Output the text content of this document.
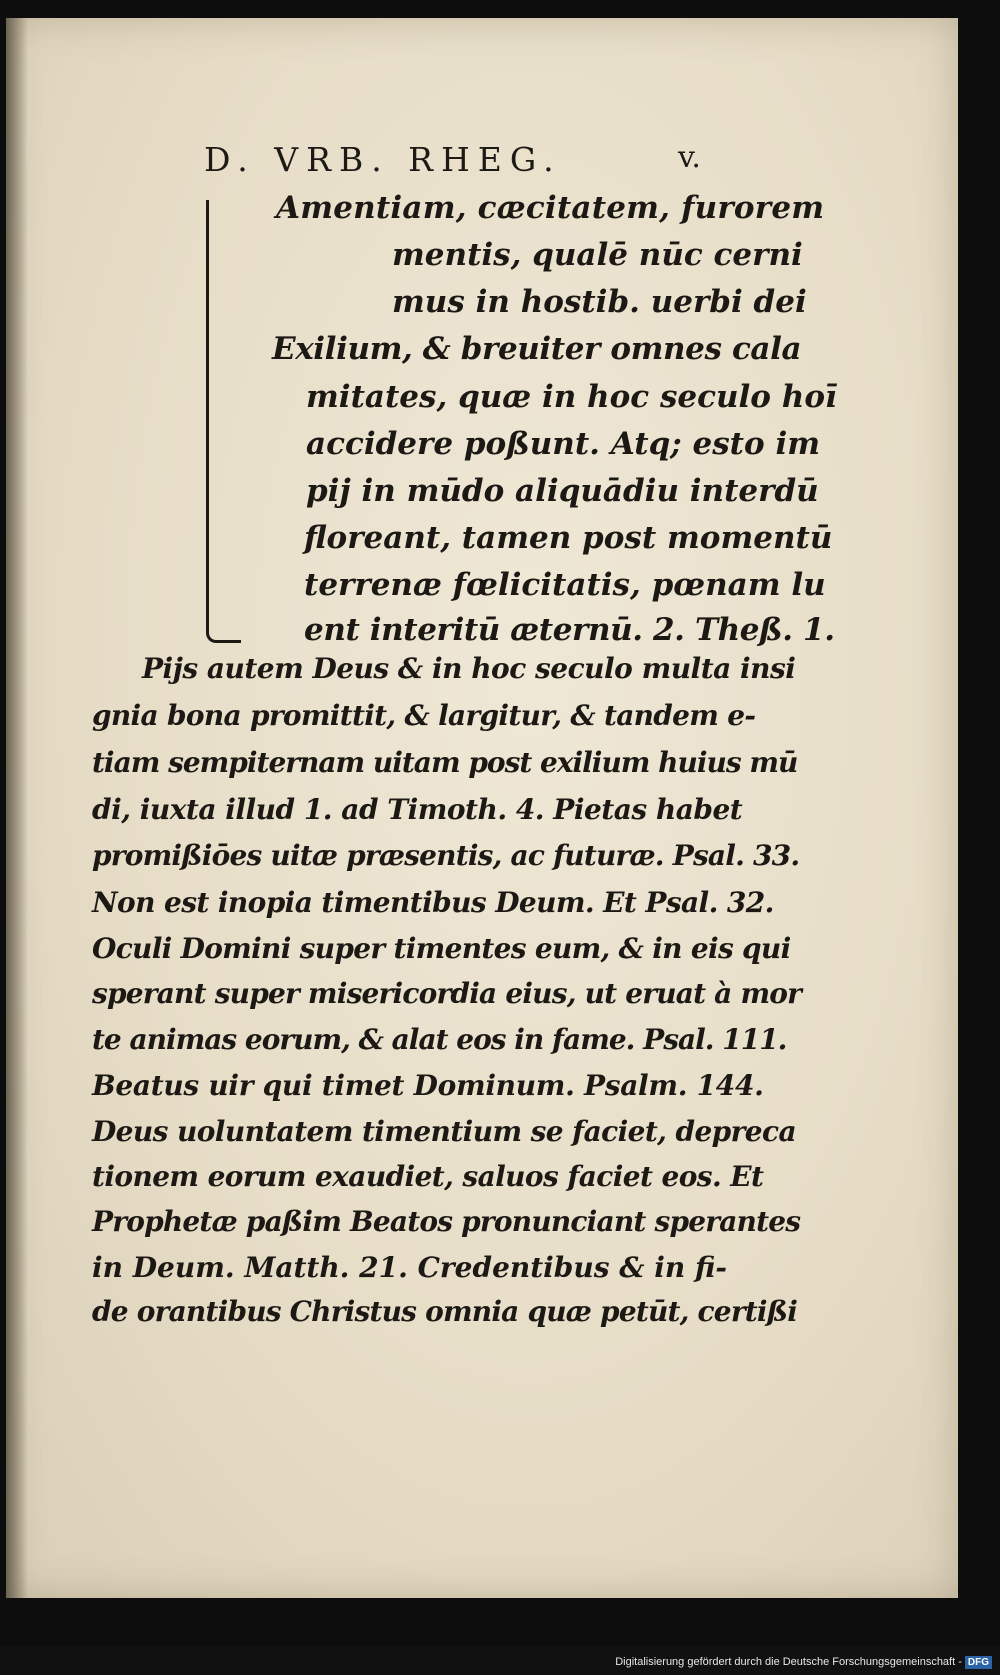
D. VRB. RHEG.	v.
Amentiam, cæcitatem, furorem
mentis, qualē nūc cerni
mus in hostib. uerbi dei
Exilium, & breuiter omnes cala
mitates, quæ in hoc seculo hoī
accidere poßunt. Atq; esto im
pij in mūdo aliquādiu interdū
floreant, tamen post momentū
terrenæ fœlicitatis, pœnam lu
ent interitū æternū. 2. Theß. 1.
Pijs autem Deus & in hoc seculo multa insi
gnia bona promittit, & largitur, & tandem e-
tiam sempiternam uitam post exilium huius mū
di, iuxta illud 1. ad Timoth. 4. Pietas habet
promißiōes uitæ præsentis, ac futuræ. Psal. 33.
Non est inopia timentibus Deum. Et Psal. 32.
Oculi Domini super timentes eum, & in eis qui
sperant super misericordia eius, ut eruat à mor
te animas eorum, & alat eos in fame. Psal. 111.
Beatus uir qui timet Dominum. Psalm. 144.
Deus uoluntatem timentium se faciet, depreca
tionem eorum exaudiet, saluos faciet eos. Et
Prophetæ paßim Beatos pronunciant sperantes
in Deum. Matth. 21. Credentibus & in fi-
de orantibus Christus omnia quæ petūt, certißi
Digitalisierung gefördert durch die Deutsche Forschungsgemeinschaft - DFG
